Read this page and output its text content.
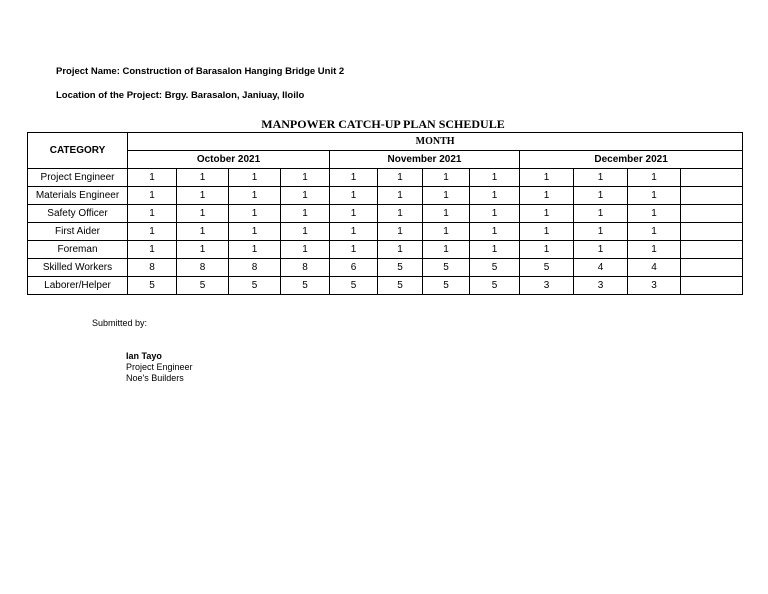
Project Name: Construction of Barasalon Hanging Bridge Unit 2
Location of the Project: Brgy. Barasalon, Janiuay, Iloilo
MANPOWER CATCH-UP PLAN SCHEDULE
CATEGORY	MONTH											
	October 2021				November 2021				December 2021			
Project Engineer	1	1	1	1	1	1	1	1	1	1	1	
Materials Engineer	1	1	1	1	1	1	1	1	1	1	1	
Safety Officer	1	1	1	1	1	1	1	1	1	1	1	
First Aider	1	1	1	1	1	1	1	1	1	1	1	
Foreman	1	1	1	1	1	1	1	1	1	1	1	
Skilled Workers	8	8	8	8	6	5	5	5	5	4	4	
Laborer/Helper	5	5	5	5	5	5	5	5	3	3	3	
Submitted by:
Ian Tayo
Project Engineer
Noe's Builders
